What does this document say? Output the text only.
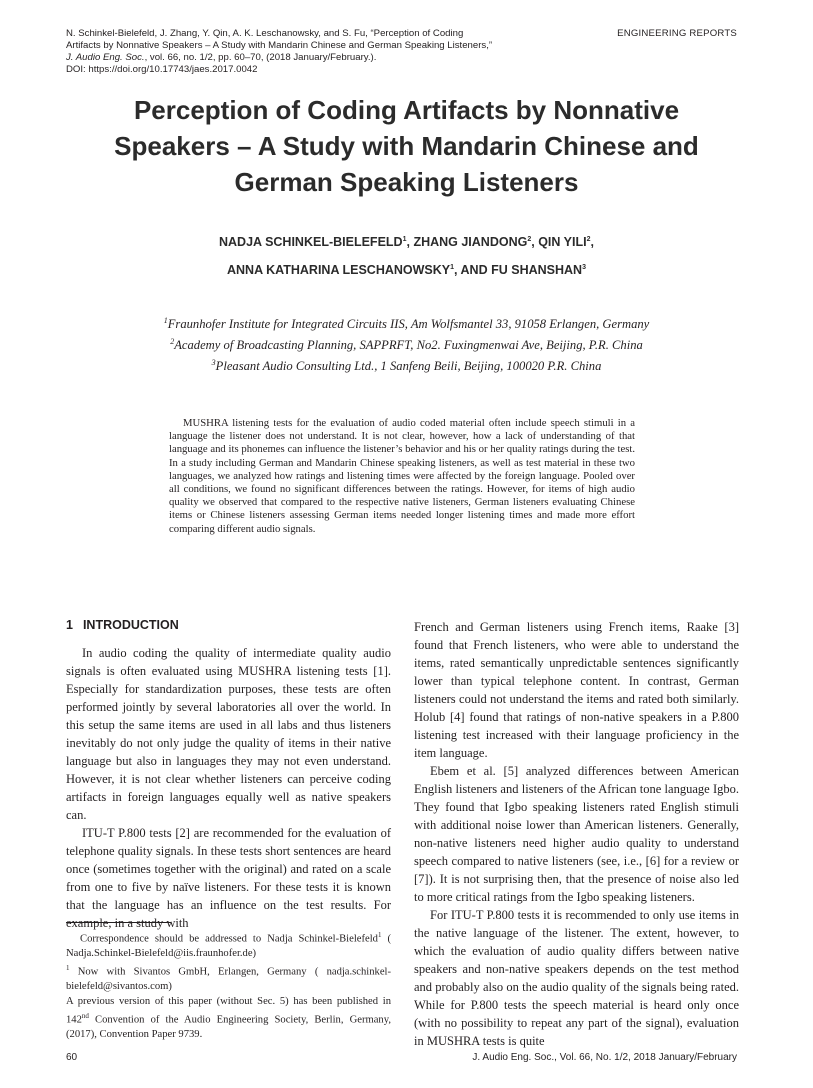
N. Schinkel-Bielefeld, J. Zhang, Y. Qin, A. K. Leschanowsky, and S. Fu, “Perception of Coding
Artifacts by Nonnative Speakers – A Study with Mandarin Chinese and German Speaking Listeners,”
J. Audio Eng. Soc., vol. 66, no. 1/2, pp. 60–70, (2018 January/February.).
DOI: https://doi.org/10.17743/jaes.2017.0042
ENGINEERING REPORTS
Perception of Coding Artifacts by Nonnative
Speakers – A Study with Mandarin Chinese and
German Speaking Listeners
NADJA SCHINKEL-BIELEFELD$^1$, ZHANG JIANDONG$^2$, QIN YILI$^2$,
ANNA KATHARINA LESCHANOWSKY$^1$, AND FU SHANSHAN$^3$
$^1$Fraunhofer Institute for Integrated Circuits IIS, Am Wolfsmantel 33, 91058 Erlangen, Germany
$^2$Academy of Broadcasting Planning, SAPPRFT, No2. Fuxingmenwai Ave, Beijing, P.R. China
$^3$Pleasant Audio Consulting Ltd., 1 Sanfeng Beili, Beijing, 100020 P.R. China
MUSHRA listening tests for the evaluation of audio coded material often include speech stimuli in a language the listener does not understand. It is not clear, however, how a lack of understanding of that language and its phonemes can influence the listener’s behavior and his or her quality ratings during the test. In a study including German and Mandarin Chinese speaking listeners, as well as test material in these two languages, we analyzed how ratings and listening times were affected by the foreign language. Pooled over all conditions, we found no significant differences between the ratings. However, for items of high audio quality we observed that compared to the respective native listeners, German listeners evaluating Chinese items or Chinese listeners assessing German items needed longer listening times and made more effort comparing different audio signals.
1 INTRODUCTION

In audio coding the quality of intermediate quality audio signals is often evaluated using MUSHRA listening tests [1]. Especially for standardization purposes, these tests are often performed jointly by several laboratories all over the world. In this setup the same items are used in all labs and thus listeners inevitably do not only judge the quality of items in their native language but also in languages they may not even understand. However, it is not clear whether listeners can perceive coding artifacts in foreign languages equally well as native speakers can.

ITU-T P.800 tests [2] are recommended for the evaluation of telephone quality signals. In these tests short sentences are heard once (sometimes together with the original) and rated on a scale from one to five by naïve listeners. For these tests it is known that the language has an influence on the test results. For example, in a study with

Correspondence should be addressed to Nadja Schinkel-Bielefeld$^1$ ( Nadja.Schinkel-Bielefeld@iis.fraunhofer.de)

$^1$ Now with Sivantos GmbH, Erlangen, Germany ( nadja.schinkel-bielefeld@sivantos.com)

A previous version of this paper (without Sec. 5) has been published in 142nd Convention of the Audio Engineering Society, Berlin, Germany,(2017), Convention Paper 9739.

French and German listeners using French items, Raake [3] found that French listeners, who were able to understand the items, rated semantically unpredictable sentences significantly lower than typical telephone content. In contrast, German listeners could not understand the items and rated both similarly. Holub [4] found that ratings of non-native speakers in a P.800 listening test increased with their language proficiency in the item language.

Ebem et al. [5] analyzed differences between American English listeners and listeners of the African tone language Igbo. They found that Igbo speaking listeners rated English stimuli with additional noise lower than American listeners. Generally, non-native listeners need higher audio quality to understand speech compared to native listeners (see, i.e., [6] for a review or [7]). It is not surprising then, that the presence of noise also led to more critical ratings from the Igbo speaking listeners.

For ITU-T P.800 tests it is recommended to only use items in the native language of the listener. The extent, however, to which the evaluation of audio quality differs between native speakers and non-native speakers depends on the test method and probably also on the audio quality of the signals being rated. While for P.800 tests the speech material is heard only once (with no possibility to repeat any part of the signal), evaluation in MUSHRA tests is quite

60	J. Audio Eng. Soc., Vol. 66, No. 1/2, 2018 January/February
